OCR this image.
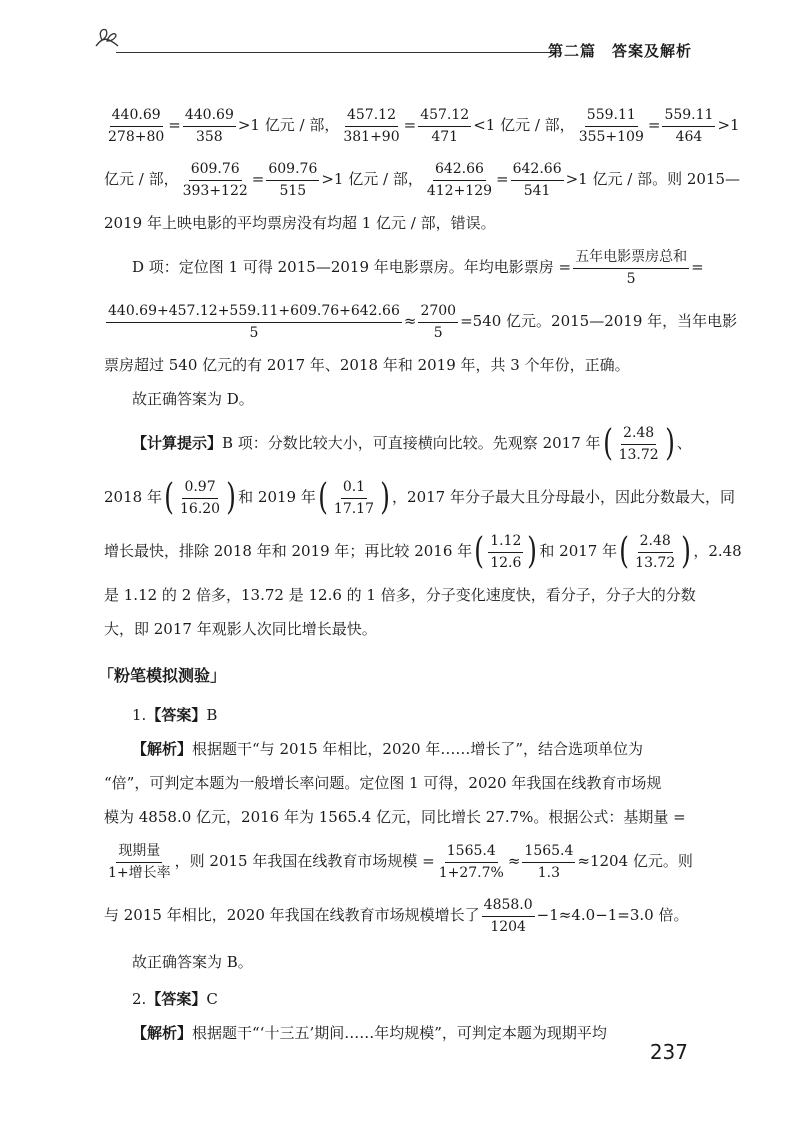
第二篇　答案及解析
$\frac{440.69}{278+80} = \frac{440.69}{358} >1$ 亿元 / 部， $\frac{457.12}{381+90} = \frac{457.12}{471} <1$ 亿元 / 部， $\frac{559.11}{355+109} = \frac{559.11}{464} >1$
亿元 / 部， $\frac{609.76}{393+122} = \frac{609.76}{515} >1$ 亿元 / 部， $\frac{642.66}{412+129} = \frac{642.66}{541} >1$ 亿元 / 部。则 2015—
2019 年上映电影的平均票房没有均超 1 亿元 / 部，错误。
D 项：定位图 1 可得 2015—2019 年电影票房。年均电影票房 = $\frac{\text{五年电影票房总和}}{5}$ =
$\frac{440.69+457.12+559.11+609.76+642.66}{5} \approx \frac{2700}{5} =540$ 亿元。2015—2019 年，当年电影
票房超过 540 亿元的有 2017 年、2018 年和 2019 年，共 3 个年份，正确。
故正确答案为 D。
【计算提示】B 项：分数比较大小，可直接横向比较。先观察 2017 年 ( $\frac{2.48}{13.72}$ ) 、
2018 年 ( $\frac{0.97}{16.20}$ ) 和 2019 年 ( $\frac{0.1}{17.17}$ ) ，2017 年分子最大且分母最小，因此分数最大，同
增长最快，排除 2018 年和 2019 年；再比较 2016 年 ( $\frac{1.12}{12.6}$ ) 和 2017 年 ( $\frac{2.48}{13.72}$ ) ，2.48
是 1.12 的 2 倍多，13.72 是 12.6 的 1 倍多，分子变化速度快，看分子，分子大的分数
大，即 2017 年观影人次同比增长最快。
「粉笔模拟测验」
1.【答案】B
【解析】根据题干“与 2015 年相比，2020 年……增长了”，结合选项单位为
“倍”，可判定本题为一般增长率问题。定位图 1 可得，2020 年我国在线教育市场规
模为 4858.0 亿元，2016 年为 1565.4 亿元，同比增长 27.7%。根据公式：基期量 =
$\frac{\text{现期量}}{\text{1+增长率}}$ ，则 2015 年我国在线教育市场规模 = $\frac{1565.4}{1+27.7\%} \approx \frac{1565.4}{1.3} \approx 1204$ 亿元。则
与 2015 年相比，2020 年我国在线教育市场规模增长了 $\frac{4858.0}{1204} -1\approx 4.0-1=3.0$ 倍。
故正确答案为 B。
2.【答案】C
【解析】根据题干“‘十三五’期间……年均规模”，可判定本题为现期平均
237
